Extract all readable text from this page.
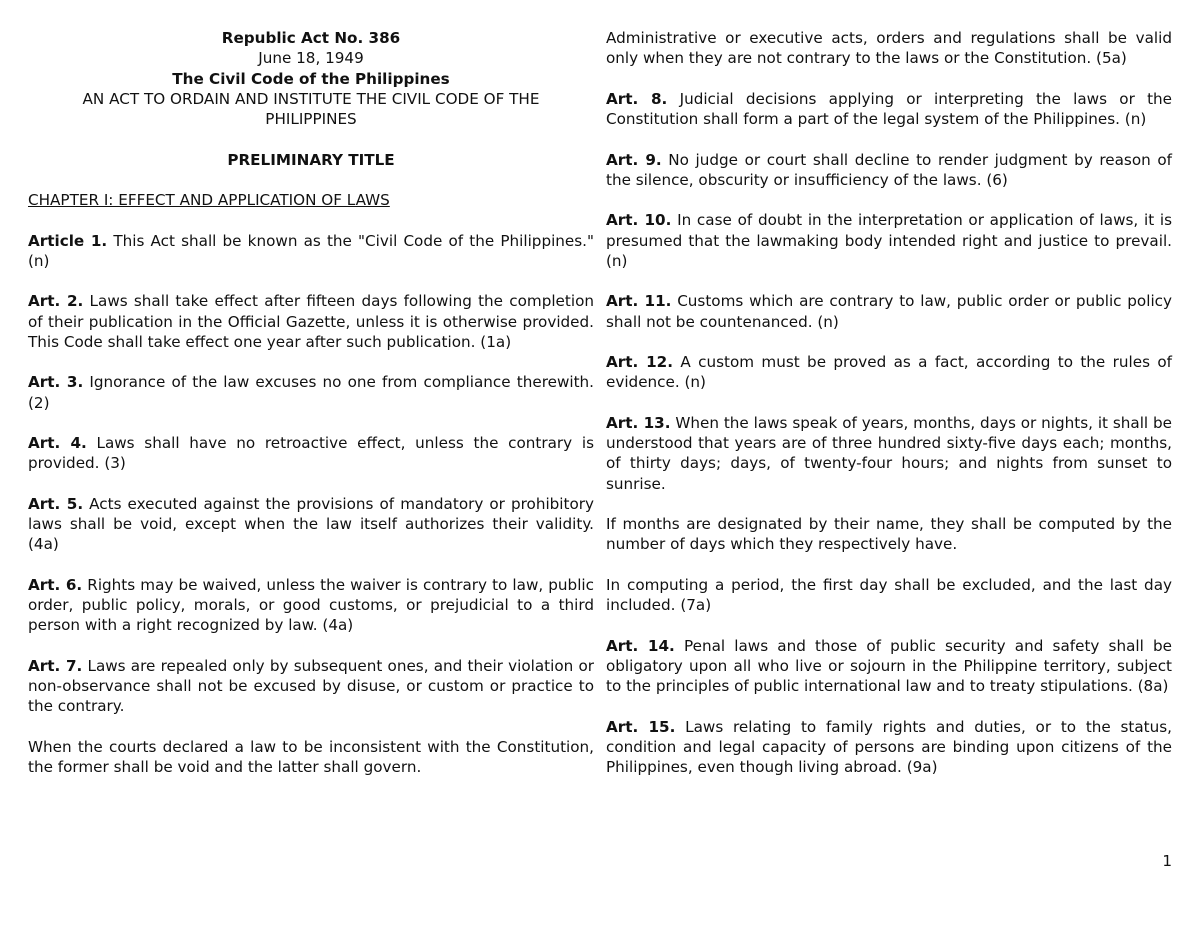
Republic Act No. 386
June 18, 1949
The Civil Code of the Philippines
AN ACT TO ORDAIN AND INSTITUTE THE CIVIL CODE OF THE PHILIPPINES
PRELIMINARY TITLE
CHAPTER I: EFFECT AND APPLICATION OF LAWS

Article 1. This Act shall be known as the "Civil Code of the Philippines." (n)

Art. 2. Laws shall take effect after fifteen days following the completion of their publication in the Official Gazette, unless it is otherwise provided. This Code shall take effect one year after such publication. (1a)

Art. 3. Ignorance of the law excuses no one from compliance therewith. (2)

Art. 4. Laws shall have no retroactive effect, unless the contrary is provided. (3)

Art. 5. Acts executed against the provisions of mandatory or prohibitory laws shall be void, except when the law itself authorizes their validity. (4a)

Art. 6. Rights may be waived, unless the waiver is contrary to law, public order, public policy, morals, or good customs, or prejudicial to a third person with a right recognized by law. (4a)

Art. 7. Laws are repealed only by subsequent ones, and their violation or non-observance shall not be excused by disuse, or custom or practice to the contrary.

When the courts declared a law to be inconsistent with the Constitution, the former shall be void and the latter shall govern.

Administrative or executive acts, orders and regulations shall be valid only when they are not contrary to the laws or the Constitution. (5a)

Art. 8. Judicial decisions applying or interpreting the laws or the Constitution shall form a part of the legal system of the Philippines. (n)

Art. 9. No judge or court shall decline to render judgment by reason of the silence, obscurity or insufficiency of the laws. (6)

Art. 10. In case of doubt in the interpretation or application of laws, it is presumed that the lawmaking body intended right and justice to prevail. (n)

Art. 11. Customs which are contrary to law, public order or public policy shall not be countenanced. (n)

Art. 12. A custom must be proved as a fact, according to the rules of evidence. (n)

Art. 13. When the laws speak of years, months, days or nights, it shall be understood that years are of three hundred sixty-five days each; months, of thirty days; days, of twenty-four hours; and nights from sunset to sunrise.

If months are designated by their name, they shall be computed by the number of days which they respectively have.

In computing a period, the first day shall be excluded, and the last day included. (7a)

Art. 14. Penal laws and those of public security and safety shall be obligatory upon all who live or sojourn in the Philippine territory, subject to the principles of public international law and to treaty stipulations. (8a)

Art. 15. Laws relating to family rights and duties, or to the status, condition and legal capacity of persons are binding upon citizens of the Philippines, even though living abroad. (9a)

1
